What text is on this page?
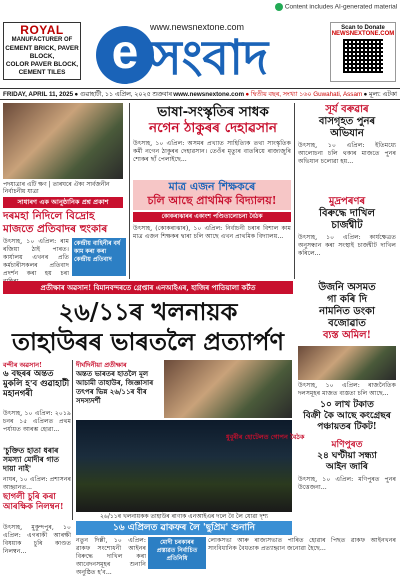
Content includes AI-generated material
ROYAL
MANUFACTURER OF
CEMENT BRICK, PAVER BLOCK,
COLOR PAVER BLOCK,
CEMENT TILES
www.newsnextone.com
e সংবাদ
Scan to Donate
NEWSNEXTONE.COM
FRIDAY, APRIL 11, 2025 ● গুৱাহাটী, ১১ এপ্ৰিল, ২০২৫ শুক্ৰবাৰ www.newsnextone.com ● দ্বিতীয় বছৰ, সংখ্যা ১৬০ Guwahati, Assam ● মূল্য: এটকা
পদযাত্ৰাৰ এটি ক্ষণ | তাৰঘৰে ঐক্য সাৰ্বজনীন নিৰ্বাচনীয় যাত্ৰা
সাধাৰণ এক আনুষ্ঠানিক প্ৰশ্ন প্ৰকাশ
দৰমহা নিদিলে বিদ্ৰোহ মাজতে প্ৰতিবাদৰ হুংকাৰ
উৎসাহ, ১০ এপ্ৰিল: ৰাম ৰজিয়া ঠাই পাৰত। কাৰ্যালয় এখনৰ প্ৰতি কৰ্মচাৰীসকলৰ প্ৰতিবাদ প্ৰদৰ্শন কৰা হয় চৰা
কেন্দ্ৰীয় বাহিনীৰ বৰ্ষ কাম কৰা কৰা কেন্দ্ৰীয় প্ৰতিবাদ
ভাষা-সংস্কৃতিৰ সাধক
নগেন ঠাকুৰৰ দেহাৱসান
উৎসাহ, ১০ এপ্ৰিল: অসমৰ প্ৰখ্যাত সাহিত্যিক তথা সাংস্কৃতিক কৰ্মী নগেন ঠাকুৰৰ দেহাৱসান। তেওঁৰ মৃত্যুৰ বাতৰিয়ে ৰাজ্যজুৰি শোকৰ ছাঁ পেলাইছে...
মাত্ৰ এজন শিক্ষকৰে
চলি আছে প্ৰাথমিক বিদ্যালয়!
কোকৰাঝাৰৰ একাংশ পণ্ডিতালোচনা বৈঠক
উৎসাহ, (কোকৰাঝাৰ), ১০ এপ্ৰিল: নিৰ্বাচনী চৰাৰ বিশাল কাম মাত্ৰ এজন শিক্ষকৰ দ্বাৰা চলি আছে এখন প্ৰাথমিক বিদ্যালয়...
সূৰ্য বৰুৱাৰ
বাসগৃহত পুনৰ
অভিযান
উৎসাহ, ১০ এপ্ৰিল: ইতিমধ্যে আলোচনা চলি থকাৰ মাজতে পুনৰ অভিযান চলোৱা হয়...
মুদ্ৰপৰণৰ
বিৰুদ্ধে দাখিল
চাৰ্জশ্বীট
উৎসাহ, ১০ এপ্ৰিল: কাৰ্যক্ষেত্ৰত অনুসন্ধান কৰা সংস্থাই চাৰ্জশ্বীট দাখিল কৰিলে...
প্ৰতীক্ষাৰ অৱসান! বিমানবন্দৰতে গ্ৰেপ্তাৰ এনআইএৰ, হাজিৰ পাতিয়ালা কৰ্টত	উজনি অসমত
গা কৰি দি
নামনিত ডংকা
বজোৱাত
ব্যস্ত অমিল!
উৎসাহ, ১০ এপ্ৰিল: ৰাজনৈতিক দলসমূহৰ মাজত ব্যস্ততা চলি আছে...
২৬/১১ৰ খলনায়ক
তাহাউৰৰ ভাৰতলৈ প্ৰত্যাৰ্পণ
বন্দীৰ অৱসান!
৬ বছৰৰ অন্তত মুকলি হ'ব গুৱাহাটী মহানগৰী
উৎসাহ, ১০ এপ্ৰিল: ২০১৯ চনৰ ১৫ এপ্ৰিলত প্ৰথম পৰ্যায়ত আৰম্ভ হোৱা...
'চুক্তিত হাতা ধৰাৰ সমস্যা মোদীৰ গাত দায়া নাই'
নাঘৰ, ১০ এপ্ৰিল: প্ৰশাসনৰ আহ্বানত...
ছাগলী চুৰি কৰা আৰক্ষিক নিলম্বন!
উৎসাহ, মুকুন্দপুৰ, ১০ এপ্ৰিল: এগৰাকী আৰক্ষী বিষয়াক চুৰি কাণ্ডত নিলম্বন...
দীৰ্ঘদিনীয়া প্ৰতীক্ষাৰ
অন্তত ভাৰতৰ হাতলৈ মূল আচামী তাহাউৰ, জিজ্ঞাসাৰ তৎপৰ ভিন্ন ২৬/১১ৰ বীৰ সদস্যদৰ্শী
২৬/১১ৰ খলনায়কক তাহাউৰ ৰাণাক এনআইএৰ দলে বৈ লৈ যোৱা দৃশ্য
ধুবুৰীৰ হোটেলত গোপন বৈঠক
১০ লাখ টকাত
বিক্ৰী কৈ আছে কংগ্ৰেছৰ
পঞ্চায়তৰ টিকট!
মণিপুৰত
২৪ ঘণ্টীয়া সন্ধ্যা
আইন জাৰি
উৎসাহ, ১০ এপ্ৰিল: মণিপুৰত পুনৰ উত্তেজনা...
১৬ এপ্ৰিলত ৱাকফৰ লৈ 'ছুপ্ৰিম' শুনানি
নতুন দিল্লী, ১০ এপ্ৰিল: ৱাকফ সংশোধনী আইনৰ বিৰুদ্ধে দাখিল কৰা আবেদনসমূহৰ শুনানি অনুষ্ঠিত হ'ব...
মোদী চৰকাৰৰ প্ৰস্তাৱত নিৰ্বাচিত প্ৰতিনিধি
লোকসভা আৰু ৰাজ্যসভাত পাৰিত হোৱাৰ পিছত ৱাকফ আইনখনৰ সাংবিধানিক বৈধতাক প্ৰত্যাহ্বান জনোৱা হৈছে...
